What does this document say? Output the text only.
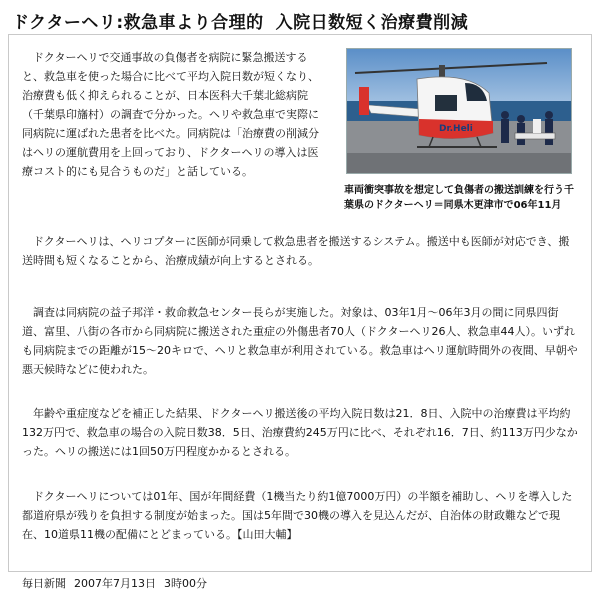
ドクターヘリ:救急車より合理的 入院日数短く治療費削減

ドクターヘリで交通事故の負傷者を病院に緊急搬送すると、救急車を使った場合に比べて平均入院日数が短くなり、治療費も低く抑えられることが、日本医科大千葉北総病院（千葉県印旛村）の調査で分かった。ヘリや救急車で実際に同病院に運ばれた患者を比べた。同病院は「治療費の削減分はヘリの運航費用を上回っており、ドクターヘリの導入は医療コスト的にも見合うものだ」と話している。

Dr.Heli
車両衝突事故を想定して負傷者の搬送訓練を行う千葉県のドクターヘリ＝同県木更津市で06年11月

ドクターヘリは、ヘリコプターに医師が同乗して救急患者を搬送するシステム。搬送中も医師が対応でき、搬送時間も短くなることから、治療成績が向上するとされる。

調査は同病院の益子邦洋・救命救急センター長らが実施した。対象は、03年1月～06年3月の間に同県四街道、富里、八街の各市から同病院に搬送された重症の外傷患者70人（ドクターヘリ26人、救急車44人）。いずれも同病院までの距離が15～20キロで、ヘリと救急車が利用されている。救急車はヘリ運航時間外の夜間、早朝や悪天候時などに使われた。

年齢や重症度などを補正した結果、ドクターヘリ搬送後の平均入院日数は21．8日、入院中の治療費は平均約132万円で、救急車の場合の入院日数38．5日、治療費約245万円に比べ、それぞれ16．7日、約113万円少なかった。ヘリの搬送には1回50万円程度かかるとされる。

ドクターヘリについては01年、国が年間経費（1機当たり約1億7000万円）の半額を補助し、ヘリを導入した都道府県が残りを負担する制度が始まった。国は5年間で30機の導入を見込んだが、自治体の財政難などで現在、10道県11機の配備にとどまっている。【山田大輔】

毎日新聞 2007年7月13日 3時00分
